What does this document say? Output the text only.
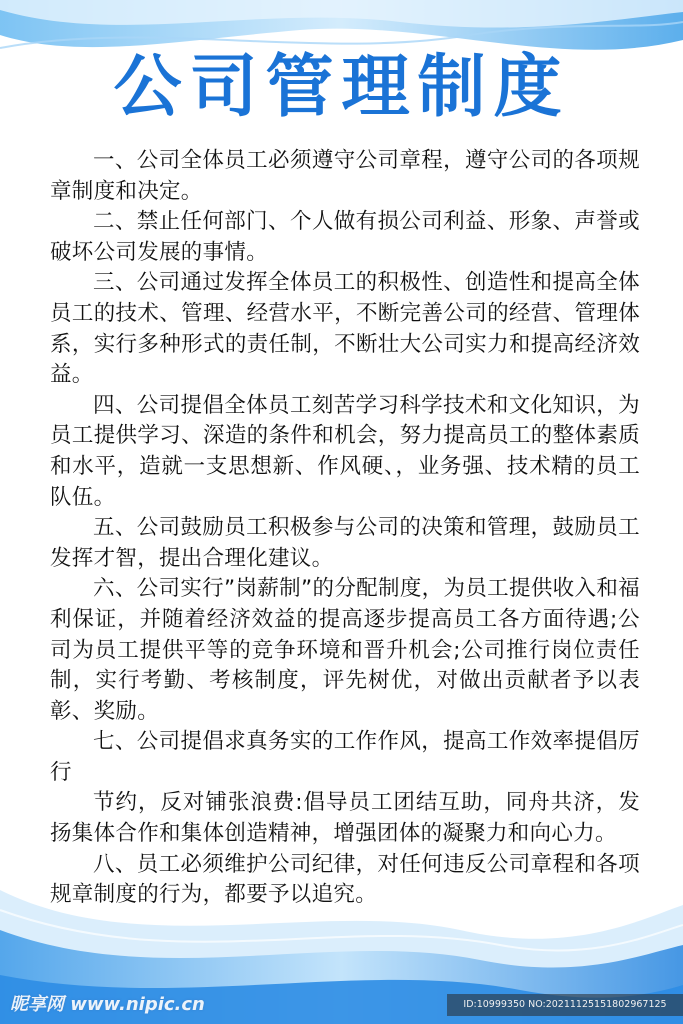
公司管理制度

一、公司全体员工必须遵守公司章程，遵守公司的各项规章制度和决定。

二、禁止任何部门、个人做有损公司利益、形象、声誉或破坏公司发展的事情。

三、公司通过发挥全体员工的积极性、创造性和提高全体员工的技术、管理、经营水平，不断完善公司的经营、管理体系，实行多种形式的责任制，不断壮大公司实力和提高经济效益。

四、公司提倡全体员工刻苦学习科学技术和文化知识，为员工提供学习、深造的条件和机会，努力提高员工的整体素质和水平，造就一支思想新、作风硬、，业务强、技术精的员工队伍。

五、公司鼓励员工积极参与公司的决策和管理，鼓励员工发挥才智，提出合理化建议。

六、公司实行”岗薪制”的分配制度，为员工提供收入和福利保证，并随着经济效益的提高逐步提高员工各方面待遇;公司为员工提供平等的竞争环境和晋升机会;公司推行岗位责任制，实行考勤、考核制度，评先树优，对做出贡献者予以表彰、奖励。

七、公司提倡求真务实的工作作风，提高工作效率提倡厉行

节约，反对铺张浪费:倡导员工团结互助，同舟共济，发扬集体合作和集体创造精神，增强团体的凝聚力和向心力。

八、员工必须维护公司纪律，对任何违反公司章程和各项规章制度的行为，都要予以追究。

昵享网 www.nipic.cn	ID:10999350 NO:20211125151802967125
